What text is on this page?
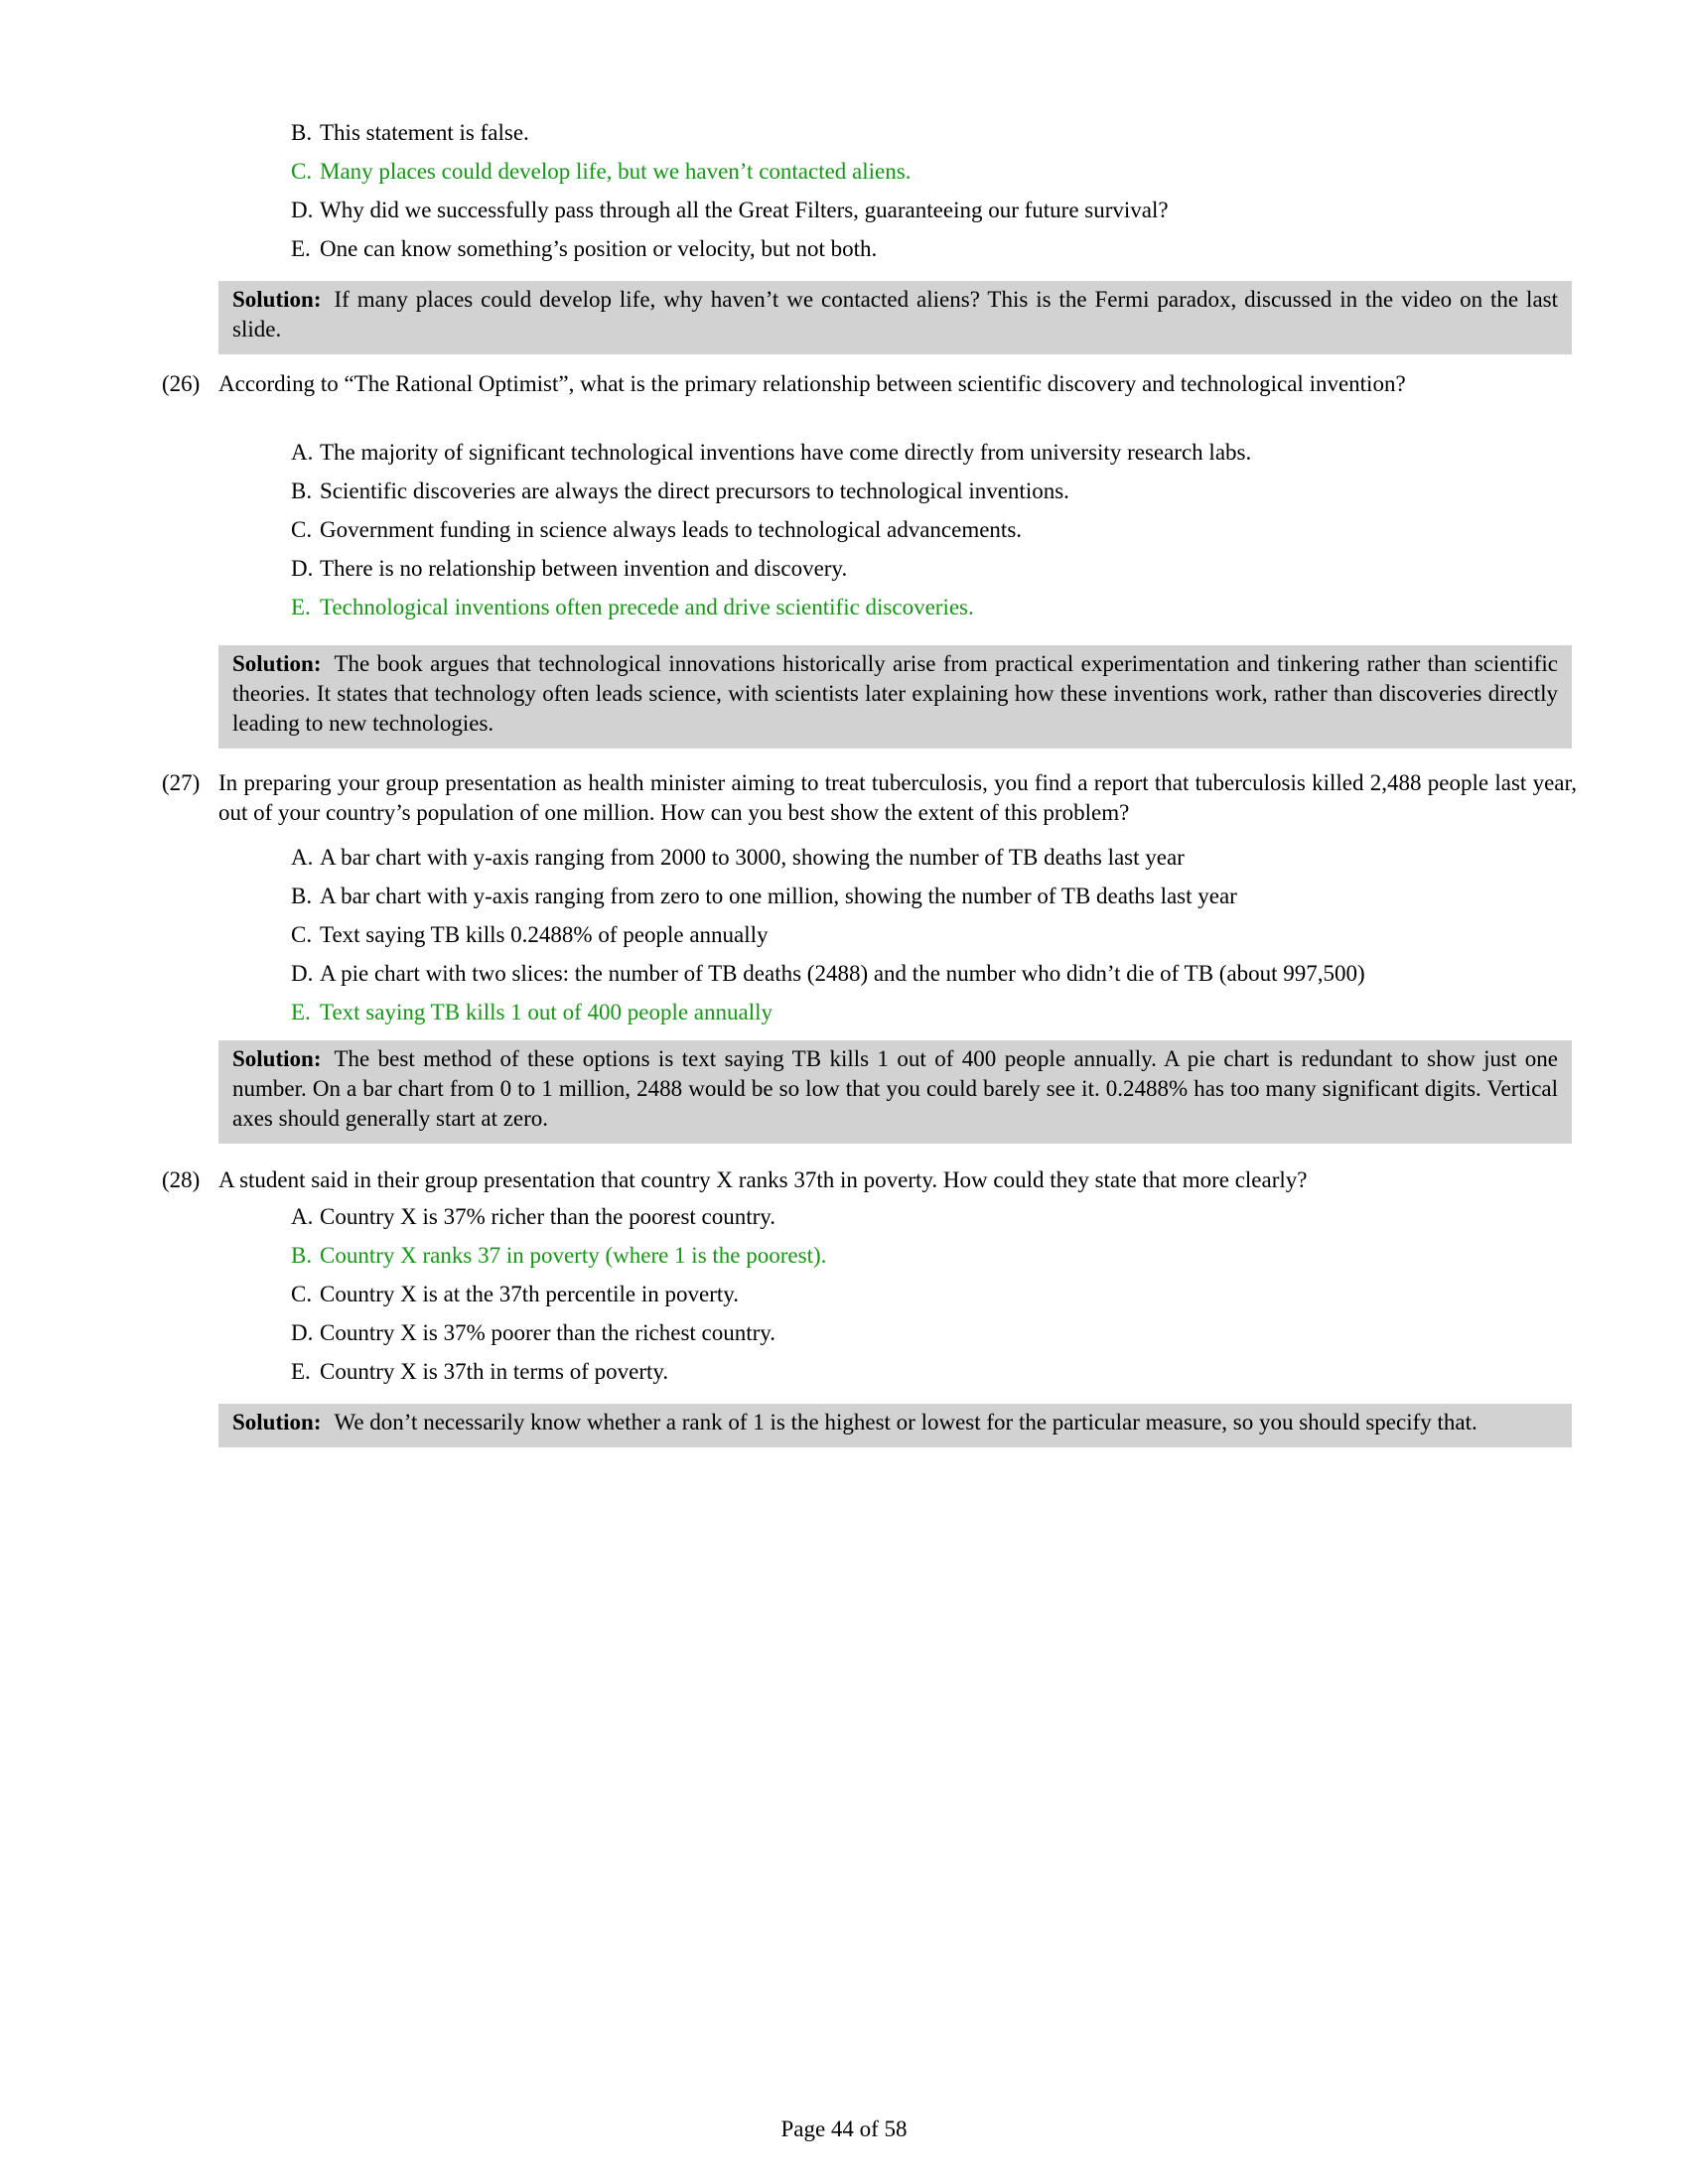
B. This statement is false.
C. Many places could develop life, but we haven’t contacted aliens.
D. Why did we successfully pass through all the Great Filters, guaranteeing our future survival?
E. One can know something’s position or velocity, but not both.
Solution: If many places could develop life, why haven’t we contacted aliens? This is the Fermi paradox, discussed in the video on the last slide.
(26) According to “The Rational Optimist”, what is the primary relationship between scientific discovery and technological invention?
A. The majority of significant technological inventions have come directly from university research labs.
B. Scientific discoveries are always the direct precursors to technological inventions.
C. Government funding in science always leads to technological advancements.
D. There is no relationship between invention and discovery.
E. Technological inventions often precede and drive scientific discoveries.
Solution: The book argues that technological innovations historically arise from practical experimentation and tinkering rather than scientific theories. It states that technology often leads science, with scientists later explaining how these inventions work, rather than discoveries directly leading to new technologies.
(27) In preparing your group presentation as health minister aiming to treat tuberculosis, you find a report that tuberculosis killed 2,488 people last year, out of your country’s population of one million. How can you best show the extent of this problem?
A. A bar chart with y-axis ranging from 2000 to 3000, showing the number of TB deaths last year
B. A bar chart with y-axis ranging from zero to one million, showing the number of TB deaths last year
C. Text saying TB kills 0.2488% of people annually
D. A pie chart with two slices: the number of TB deaths (2488) and the number who didn’t die of TB (about 997,500)
E. Text saying TB kills 1 out of 400 people annually
Solution: The best method of these options is text saying TB kills 1 out of 400 people annually. A pie chart is redundant to show just one number. On a bar chart from 0 to 1 million, 2488 would be so low that you could barely see it. 0.2488% has too many significant digits. Vertical axes should generally start at zero.
(28) A student said in their group presentation that country X ranks 37th in poverty. How could they state that more clearly?
A. Country X is 37% richer than the poorest country.
B. Country X ranks 37 in poverty (where 1 is the poorest).
C. Country X is at the 37th percentile in poverty.
D. Country X is 37% poorer than the richest country.
E. Country X is 37th in terms of poverty.
Solution: We don’t necessarily know whether a rank of 1 is the highest or lowest for the particular measure, so you should specify that.
Page 44 of 58
